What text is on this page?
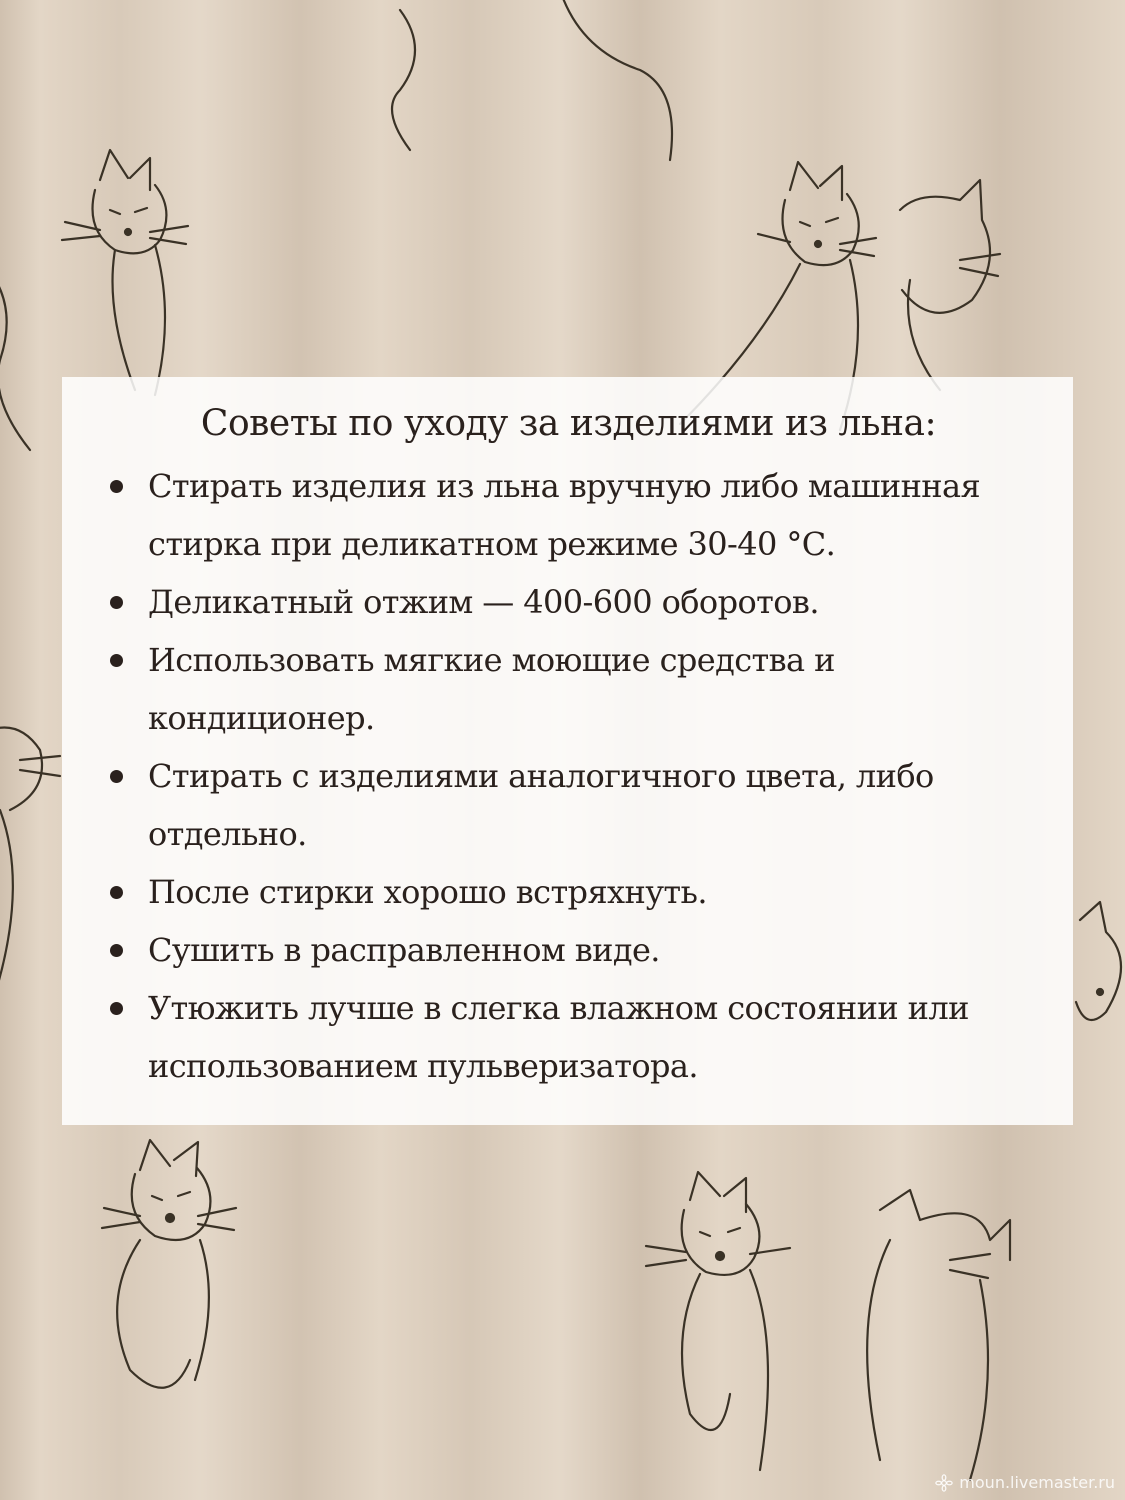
Советы по уходу за изделиями из льна:
Стирать изделия из льна вручную либо машинная стирка при деликатном режиме 30-40 °С.
Деликатный отжим — 400-600 оборотов.
Использовать мягкие моющие средства и кондиционер.
Стирать с изделиями аналогичного цвета, либо отдельно.
После стирки хорошо встряхнуть.
Сушить в расправленном виде.
Утюжить лучше в слегка влажном состоянии или использованием пульверизатора.
moun.livemaster.ru
